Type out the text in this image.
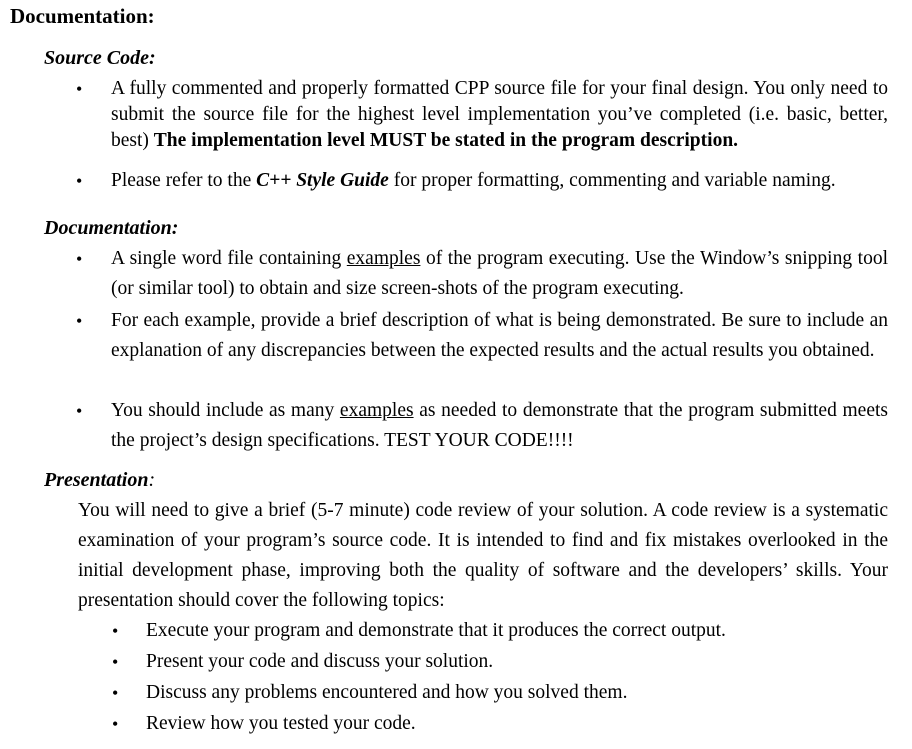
Documentation:
Source Code:
• A fully commented and properly formatted CPP source file for your final design. You only need to submit the source file for the highest level implementation you’ve completed (i.e. basic, better, best) The implementation level MUST be stated in the program description.

• Please refer to the C++ Style Guide for proper formatting, commenting and variable naming.

Documentation:
• A single word file containing examples of the program executing. Use the Window’s snipping tool (or similar tool) to obtain and size screen-shots of the program executing.

• For each example, provide a brief description of what is being demonstrated. Be sure to include an explanation of any discrepancies between the expected results and the actual results you obtained.

• You should include as many examples as needed to demonstrate that the program submitted meets the project’s design specifications. TEST YOUR CODE!!!!

Presentation:

You will need to give a brief (5-7 minute) code review of your solution. A code review is a systematic examination of your program’s source code. It is intended to find and fix mistakes overlooked in the initial development phase, improving both the quality of software and the developers’ skills. Your presentation should cover the following topics:

• Execute your program and demonstrate that it produces the correct output.

• Present your code and discuss your solution.

• Discuss any problems encountered and how you solved them.

• Review how you tested your code.
